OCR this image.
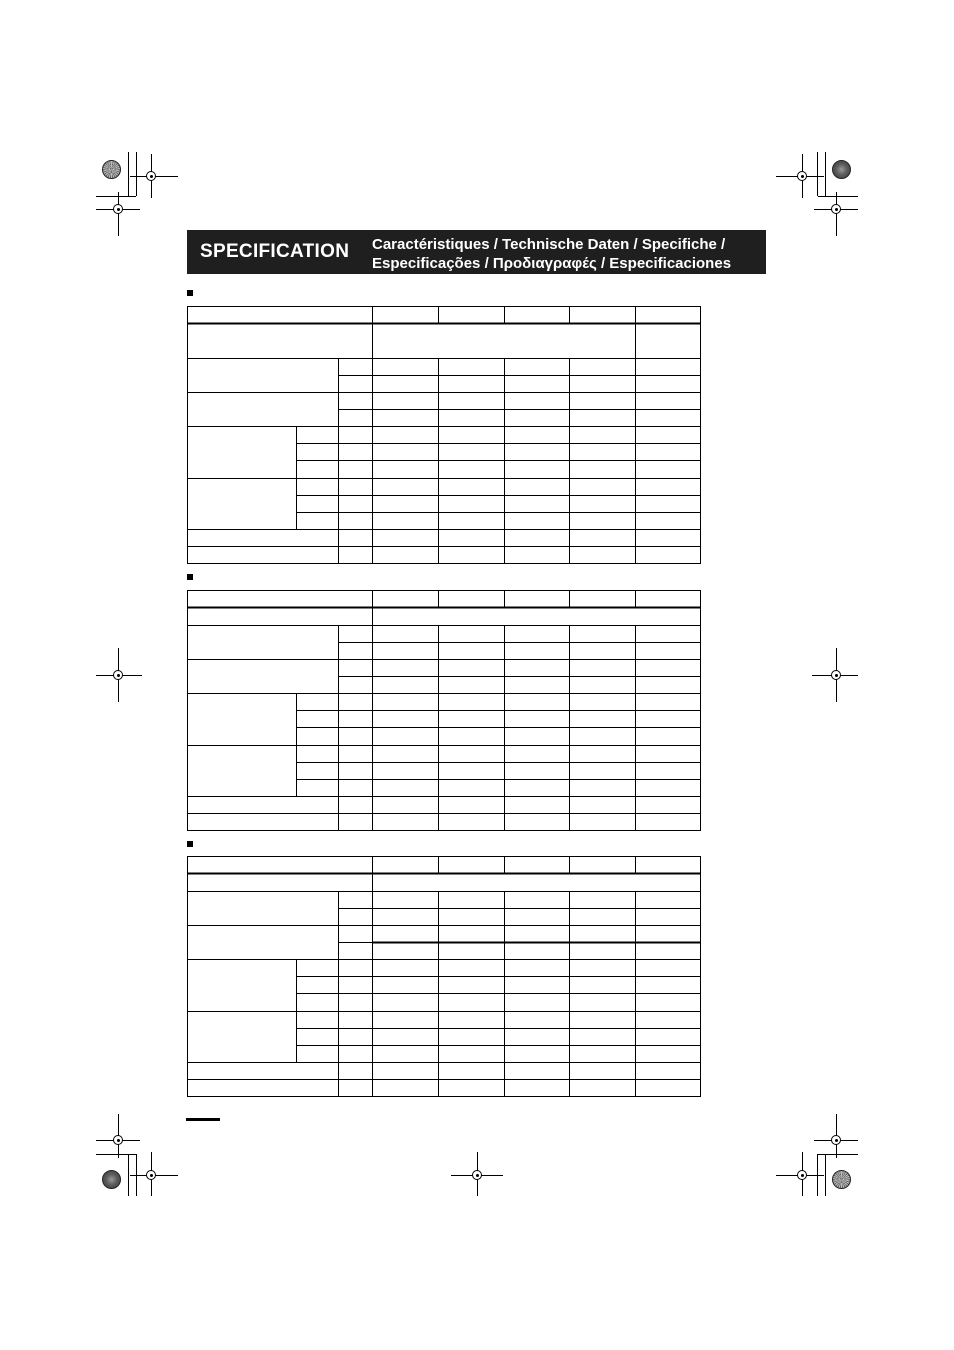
SPECIFICATION Caractéristiques / Technische Daten / Specifiche /
Especificações / Προδιαγραφές / Especificaciones
